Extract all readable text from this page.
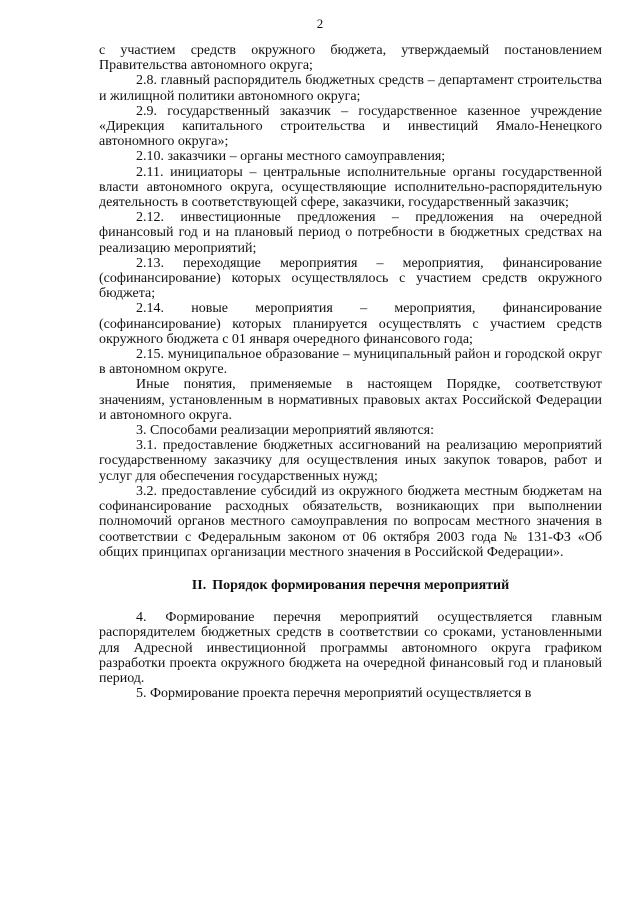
2

с участием средств окружного бюджета, утверждаемый постановлением Правительства автономного округа;

2.8. главный распорядитель бюджетных средств – департамент строительства и жилищной политики автономного округа;

2.9. государственный заказчик – государственное казенное учреждение «Дирекция капитального строительства и инвестиций Ямало-Ненецкого автономного округа»;

2.10. заказчики – органы местного самоуправления;

2.11. инициаторы – центральные исполнительные органы государственной власти автономного округа, осуществляющие исполнительно-распорядительную деятельность в соответствующей сфере, заказчики, государственный заказчик;

2.12. инвестиционные предложения – предложения на очередной финансовый год и на плановый период о потребности в бюджетных средствах на реализацию мероприятий;

2.13. переходящие мероприятия – мероприятия, финансирование (софинансирование) которых осуществлялось с участием средств окружного бюджета;

2.14. новые мероприятия – мероприятия, финансирование (софинансирование) которых планируется осуществлять с участием средств окружного бюджета с 01 января очередного финансового года;

2.15. муниципальное образование – муниципальный район и городской округ в автономном округе.

Иные понятия, применяемые в настоящем Порядке, соответствуют значениям, установленным в нормативных правовых актах Российской Федерации и автономного округа.

3. Способами реализации мероприятий являются:

3.1. предоставление бюджетных ассигнований на реализацию мероприятий государственному заказчику для осуществления иных закупок товаров, работ и услуг для обеспечения государственных нужд;

3.2. предоставление субсидий из окружного бюджета местным бюджетам на софинансирование расходных обязательств, возникающих при выполнении полномочий органов местного самоуправления по вопросам местного значения в соответствии с Федеральным законом от 06 октября 2003 года № 131-ФЗ «Об общих принципах организации местного значения в Российской Федерации».

II. Порядок формирования перечня мероприятий

4. Формирование перечня мероприятий осуществляется главным распорядителем бюджетных средств в соответствии со сроками, установленными для Адресной инвестиционной программы автономного округа графиком разработки проекта окружного бюджета на очередной финансовый год и плановый период.

5. Формирование проекта перечня мероприятий осуществляется в
